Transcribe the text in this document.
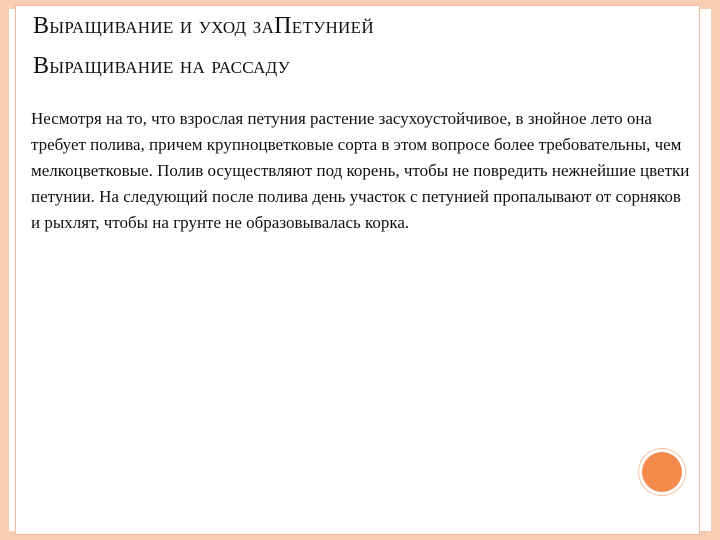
Выращивание и уход заПетунией
Выращивание на рассаду

Несмотря на то, что взрослая петуния растение засухоустойчивое, в знойное лето она требует полива, причем крупноцветковые сорта в этом вопросе более требовательны, чем мелкоцветковые. Полив осуществляют под корень, чтобы не повредить нежнейшие цветки петунии. На следующий после полива день участок с петунией пропалывают от сорняков и рыхлят, чтобы на грунте не образовывалась корка.
